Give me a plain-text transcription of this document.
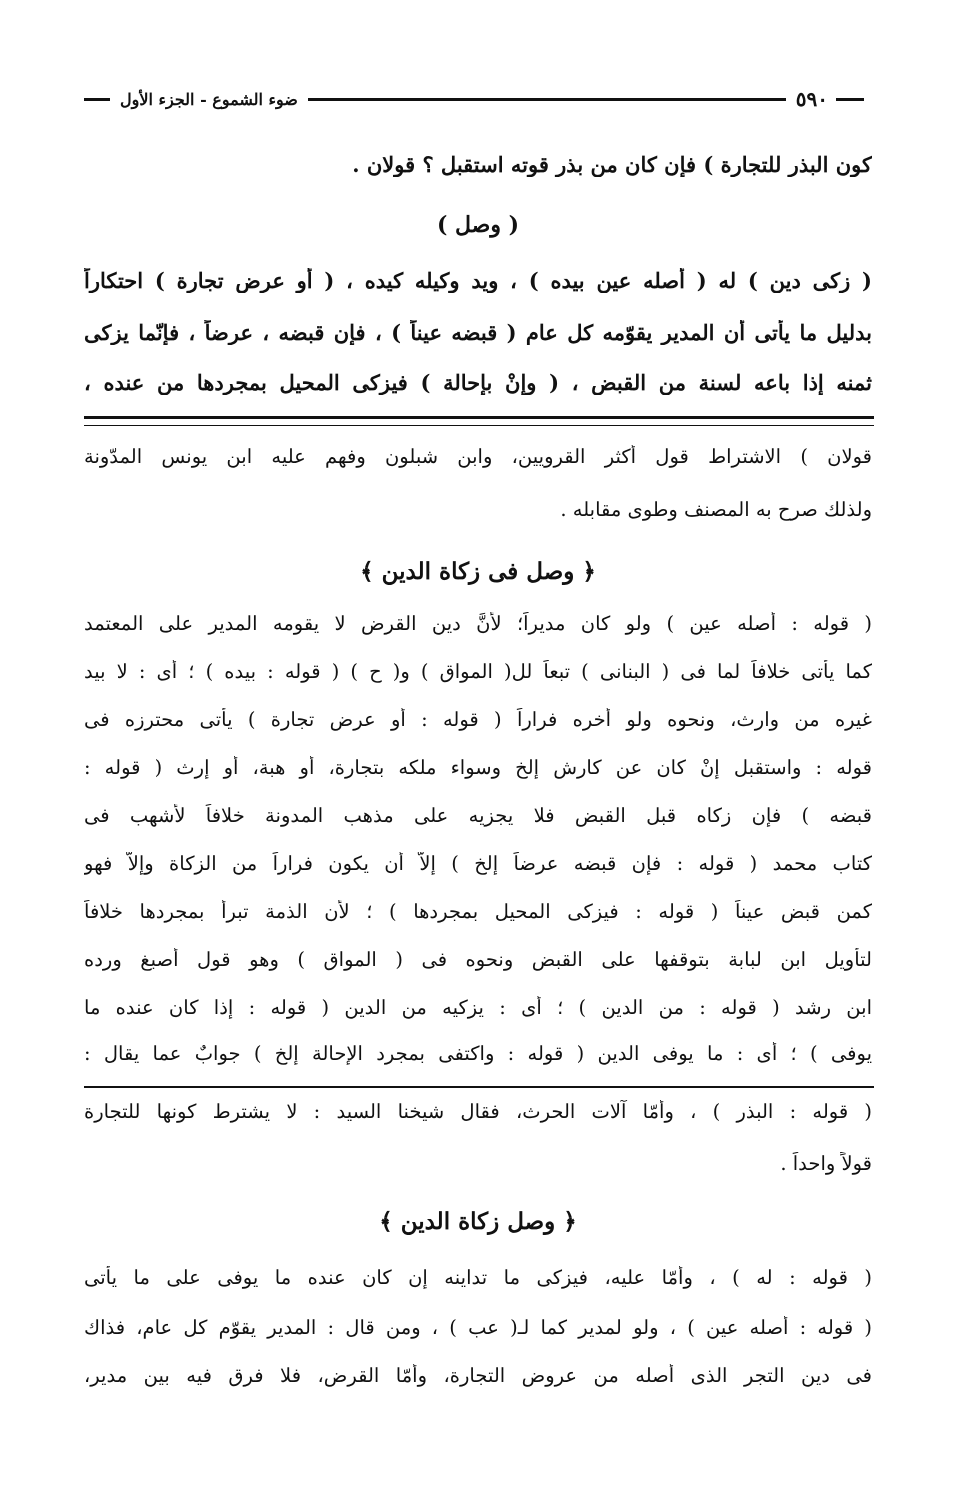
٥٩٠
ضوء الشموع - الجزء الأول
كون البذر للتجارة ) فإن كان من بذر قوته استقبل ؟ قولان .
( وصل )
( زكى دين ) له ( أصله عين بيده ) ، ويد وكيله كيده ، ( أو عرض تجارة ) احتكاراً
بدليل ما يأتى أن المدير يقوّمه كل عام ( قبضه عيناً ) ، فإن قبضه ، عرضاً ، فإنّما يزكى
ثمنه إذا باعه لسنة من القبض ، ( وإنْ بإحالة ) فيزكى المحيل بمجردها من عنده ،
قولان ) الاشتراط قول أكثر القرويين، وابن شبلون وفهم عليه ابن يونس المدّونة
ولذلك صرح به المصنف وطوى مقابله .
﴿ وصل فى زكاة الدين ﴾
( قوله : أصله عين ) ولو كان مديراً؛ لأنَّ دين القرض لا يقومه المدير على المعتمد
كما يأتى خلافاً لما فى ( البنانى ) تبعاً لل( المواق ) و( ح ) ( قوله : بيده ) ؛ أى : لا بيد
غيره من وارث، ونحوه ولو أخره فراراً ( قوله : أو عرض تجارة ) يأتى محترزه فى
قوله : واستقبل إنْ كان عن كارش إلخ وسواء ملكه بتجارة، أو هبة، أو إرث ( قوله :
قبضه ) فإن زكاه قبل القبض فلا يجزيه على مذهب المدونة خلافاً لأشهب فى
كتاب محمد ( قوله : فإن قبضه عرضاً إلخ ) إلاّ أن يكون فراراً من الزكاة وإلاّ فهو
كمن قبض عيناً ( قوله : فيزكى المحيل بمجردها ) ؛ لأن الذمة تبرأ بمجردها خلافاً
لتأويل ابن لبابة بتوقفها على القبض ونحوه فى ( المواق ) وهو قول أصبغ ورده
ابن رشد ( قوله : من الدين ) ؛ أى : يزكيه من الدين ( قوله : إذا كان عنده ما
يوفى ) ؛ أى : ما يوفى الدين ( قوله : واكتفى بمجرد الإحالة إلخ ) جوابٌ عما يقال :
( قوله : البذر ) ، وأمّا آلات الحرث، فقال شيخنا السيد : لا يشترط كونها للتجارة
قولاً واحداً .
﴿ وصل زكاة الدين ﴾
( قوله : له ) ، وأمّا عليه، فيزكى ما تداينه إن كان عنده ما يوفى على ما يأتى
( قوله : أصله عين ) ، ولو لمدير كما لـ( عب ) ، ومن قال : المدير يقوّم كل عام، فذاك
فى دين التجر الذى أصله من عروض التجارة، وأمّا القرض، فلا فرق فيه بين مدير،
